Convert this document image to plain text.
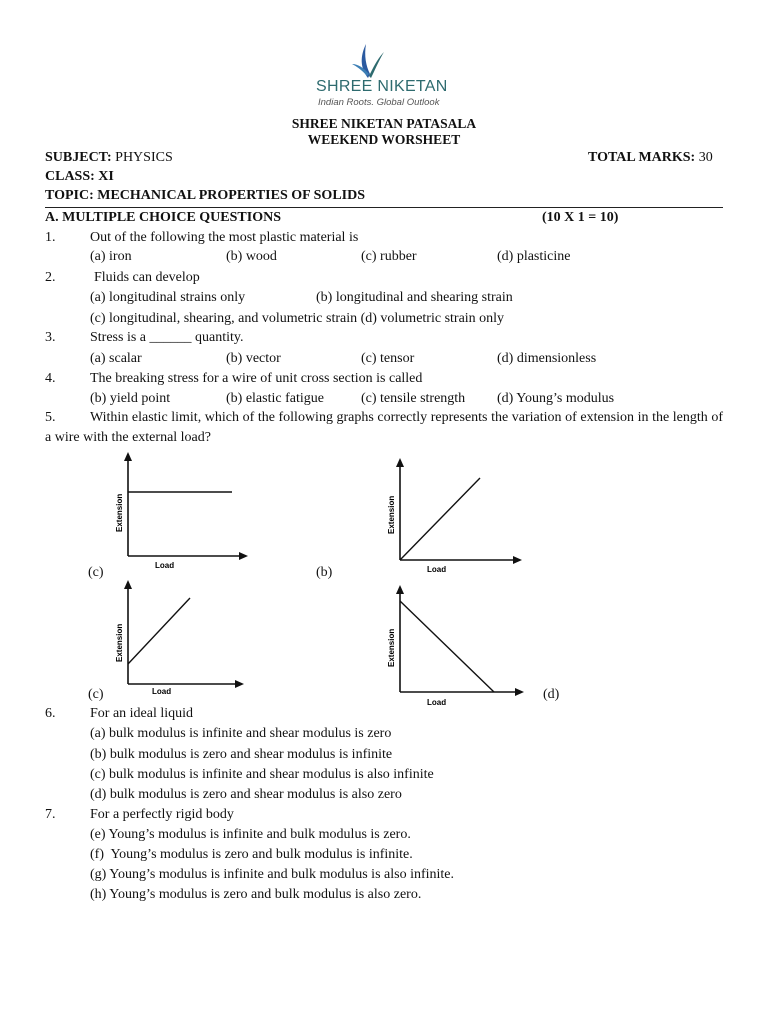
SHREE NIKETAN
Indian Roots. Global Outlook
SHREE NIKETAN PATASALA
WEEKEND WORSHEET
SUBJECT: PHYSICS	TOTAL MARKS: 30
CLASS: XI
TOPIC: MECHANICAL PROPERTIES OF SOLIDS
A. MULTIPLE CHOICE QUESTIONS	(10 X 1 = 10)
1. Out of the following the most plastic material is
(a) iron	(b) wood	(c) rubber	(d) plasticine
2.	Fluids can develop
(a) longitudinal strains only	(b) longitudinal and shearing strain
(c) longitudinal, shearing, and volumetric strain (d) volumetric strain only
3. Stress is a ______ quantity.
(a) scalar	(b) vector	(c) tensor	(d) dimensionless
4. The breaking stress for a wire of unit cross section is called
(b) yield point	(b) elastic fatigue	(c) tensile strength (d) Young’s modulus
5. Within elastic limit, which of the following graphs correctly represents the variation of extension in the length of a wire with the external load?
Extension
Load
(c)
Extension
Load
(b)
Extension
Load
(c)
Extension
Load
(d)
6. For an ideal liquid
(a) bulk modulus is infinite and shear modulus is zero
(b) bulk modulus is zero and shear modulus is infinite
(c) bulk modulus is infinite and shear modulus is also infinite
(d) bulk modulus is zero and shear modulus is also zero
7. For a perfectly rigid body
(e) Young’s modulus is infinite and bulk modulus is zero.
(f)  Young’s modulus is zero and bulk modulus is infinite.
(g) Young’s modulus is infinite and bulk modulus is also infinite.
(h) Young’s modulus is zero and bulk modulus is also zero.
